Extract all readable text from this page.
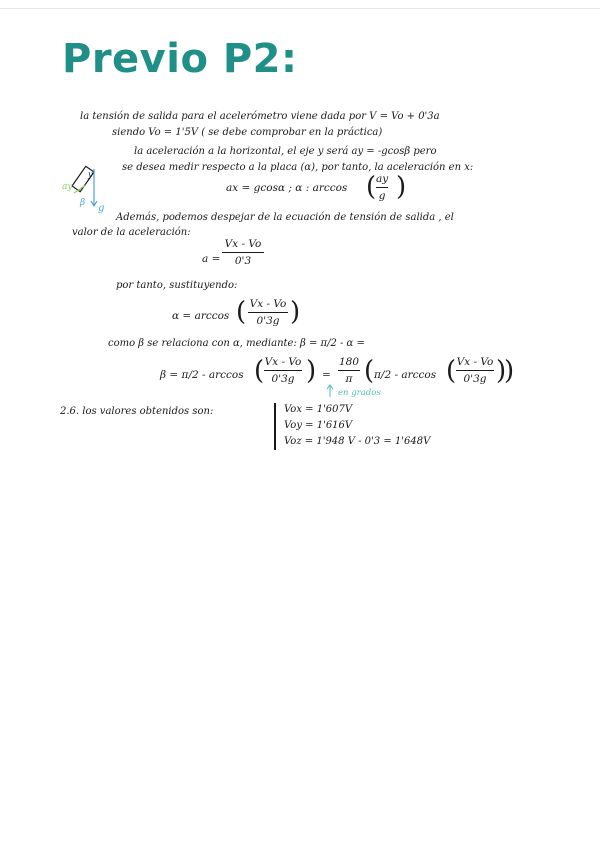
Previo P2:
la tensión de salida para el acelerómetro viene dada por V = Vo + 0'3a
siendo Vo = 1'5V ( se debe comprobar en la práctica)
la aceleración a la horizontal, el eje y será ay = -gcosβ pero
se desea medir respecto a la placa (α), por tanto, la aceleración en x:
ay
β g
y
ax = gcosα ; α : arccos ( ay
g )
Además, podemos despejar de la ecuación de tensión de salida , el
valor de la aceleración:
a =
Vx - Vo
0'3
por tanto, sustituyendo:
α = arccos ( Vx - Vo
0'3g )
como β se relaciona con α, mediante: β = π/2 - α =
β = π/2 - arccos ( Vx - Vo
0'3g ) =
180
π ( π/2 - arccos ( Vx - Vo
0'3g )
)
en grados
2.6. los valores obtenidos son:	Vox = 1'607V
Voy = 1'616V
Voz = 1'948 V - 0'3 = 1'648V
